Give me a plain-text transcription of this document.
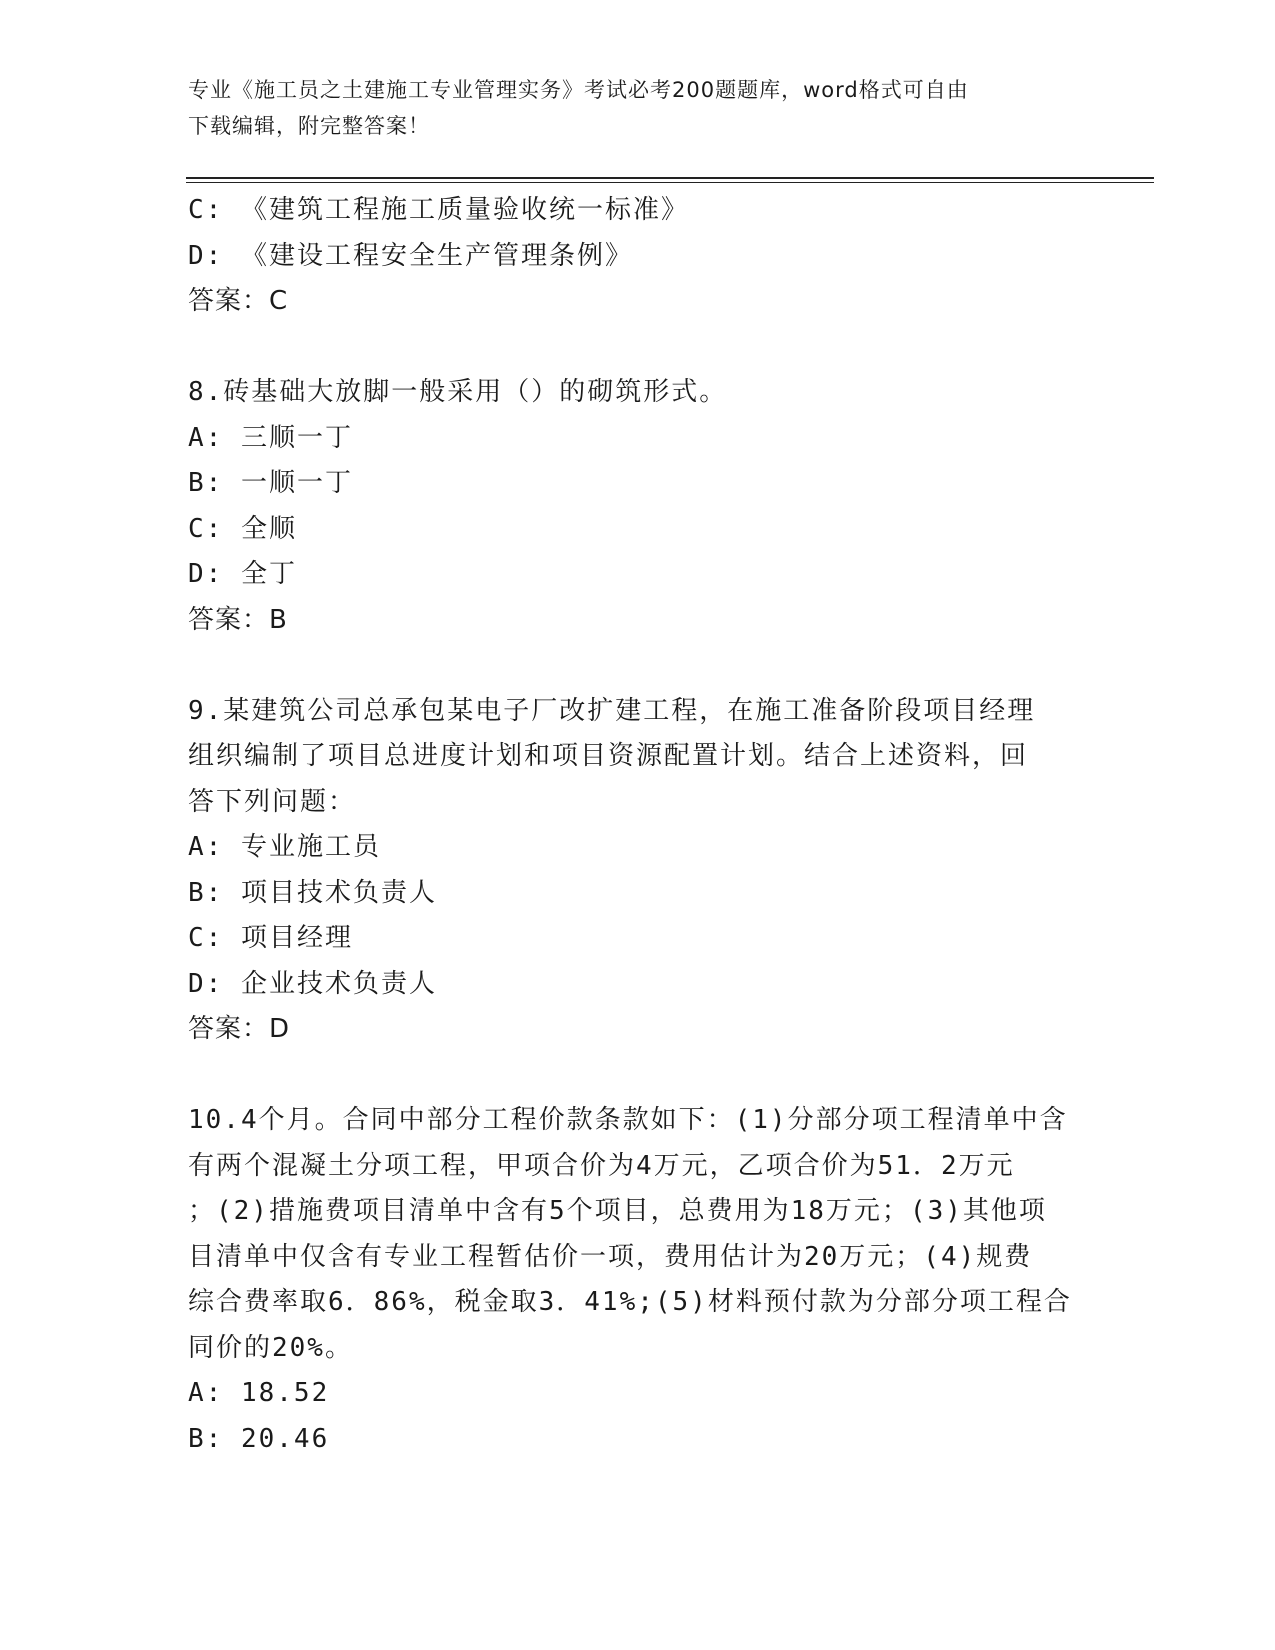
专业《施工员之土建施工专业管理实务》考试必考200题题库，word格式可自由
下载编辑，附完整答案！
C: 《建筑工程施工质量验收统一标准》
D: 《建设工程安全生产管理条例》
答案：C
8.砖基础大放脚一般采用（）的砌筑形式。
A: 三顺一丁
B: 一顺一丁
C: 全顺
D: 全丁
答案：B
9.某建筑公司总承包某电子厂改扩建工程，在施工准备阶段项目经理
组织编制了项目总进度计划和项目资源配置计划。结合上述资料，回
答下列问题：
A: 专业施工员
B: 项目技术负责人
C: 项目经理
D: 企业技术负责人
答案：D
10.4个月。合同中部分工程价款条款如下：(1)分部分项工程清单中含
有两个混凝土分项工程，甲项合价为4万元，乙项合价为51．2万元
；(2)措施费项目清单中含有5个项目，总费用为18万元；(3)其他项
目清单中仅含有专业工程暂估价一项，费用估计为20万元；(4)规费
综合费率取6．86%，税金取3．41%;(5)材料预付款为分部分项工程合
同价的20%。
A: 18.52
B: 20.46
